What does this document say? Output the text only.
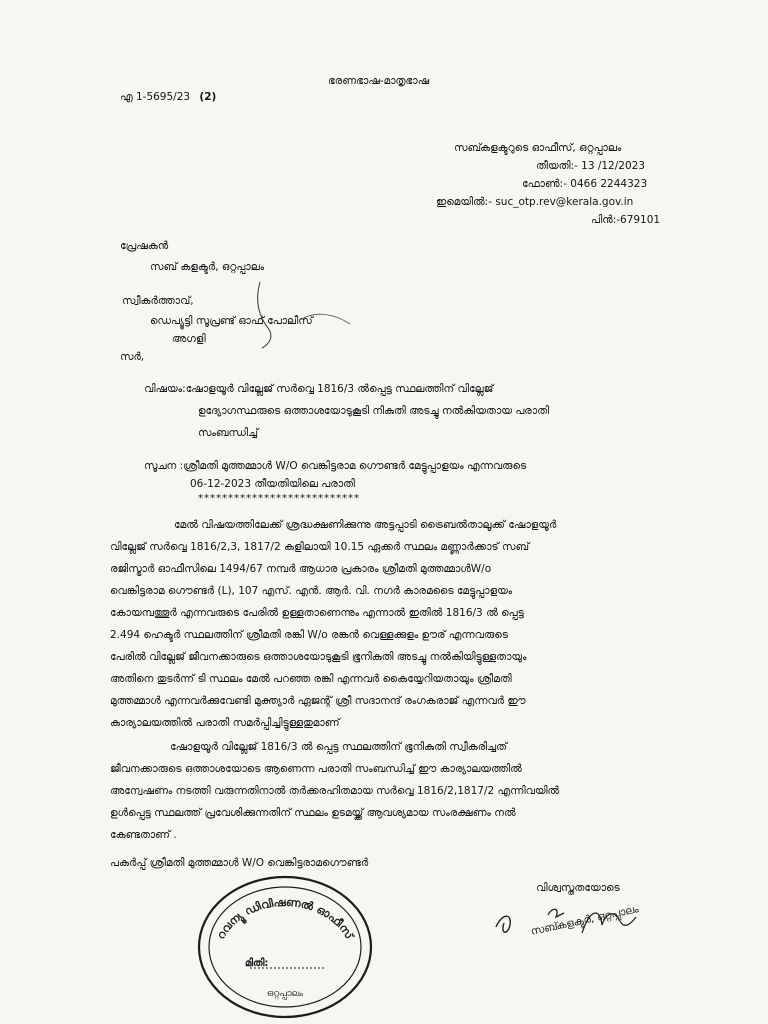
ഭരണഭാഷ-മാതൃഭാഷ
എ 1-5695/23 (2)
സബ്കളക്ടറുടെ ഓഫീസ്, ഒറ്റപ്പാലം
തീയതി:- 13 /12/2023
ഫോൺ:- 0466 2244323
ഇമെയിൽ:- suc_otp.rev@kerala.gov.in
പിൻ:-679101
പ്രേഷകൻ
സബ് കളക്ടർ, ഒറ്റപ്പാലം
സ്വീകർത്താവ്,
ഡെപ്യൂട്ടി സൂപ്രണ്ട് ഓഫ് പോലീസ്
അഗളി
സർ,
വിഷയം:ഷോളയൂർ വില്ലേജ് സർവ്വെ 1816/3 ൽപ്പെട്ട സ്ഥലത്തിന് വില്ലേജ്
ഉദ്യോഗസ്ഥരുടെ ഒത്താശയോടുകൂടി നികുതി അടച്ചു നൽകിയതായ പരാതി
സംബന്ധിച്ച്
സൂചന :ശ്രീമതി മുത്തമ്മാൾ W/O വെങ്കിട്ടരാമ ഗൌണ്ടർ മേട്ടുപ്പാളയം എന്നവരുടെ
06-12-2023 തീയതിയിലെ പരാതി
***************************
മേൽ വിഷയത്തിലേക്ക് ശ്രദ്ധക്ഷണിക്കുന്നു അട്ടപ്പാടി ട്രൈബൽതാലൂക്ക് ഷോളയൂർ
വില്ലേജ് സർവ്വെ 1816/2,3, 1817/2 കളിലായി 10.15 ഏക്കർ സ്ഥലം മണ്ണാർക്കാട് സബ്
രജിസ്ട്രാർ ഓഫീസിലെ 1494/67 നമ്പർ ആധാര പ്രകാരം ശ്രീമതി മുത്തമ്മാൾW/o
വെങ്കിട്ടരാമ ഗൌണ്ടർ (L), 107 എസ്. എൻ. ആർ. വി. നഗർ കാരമടൈ മേട്ടുപ്പാളയം
കോയമ്പത്തൂർ എന്നവരുടെ പേരിൽ ഉള്ളതാണെന്നും എന്നാൽ ഇതിൽ 1816/3 ൽ പ്പെട്ട
2.494 ഹെക്ടർ സ്ഥലത്തിന് ശ്രീമതി രങ്കി W/o രങ്കൻ വെള്ളക്കുളം ഊര് എന്നവരുടെ
പേരിൽ വില്ലേജ് ജീവനക്കാരുടെ ഒത്താശയോടുകൂടി ഭൂനികുതി അടച്ചു നൽകിയിട്ടുള്ളതായും
അതിനെ തുടർന്ന് ടി സ്ഥലം മേൽ പറഞ്ഞ രങ്കി എന്നവർ കൈയ്യേറിയതായും ശ്രീമതി
മുത്തമ്മാൾ എന്നവർക്കുവേണ്ടി മുക്ത്യാർ ഏജന്റ് ശ്രീ സദാനന്ദ് രംഗകരാജ് എന്നവർ ഈ
കാര്യാലയത്തിൽ പരാതി സമർപ്പിച്ചിട്ടുള്ളതുമാണ്
ഷോളയൂർ വില്ലേജ് 1816/3 ൽ പ്പെട്ട സ്ഥലത്തിന് ഭൂനികുതി സ്വീകരിച്ചത്
ജീവനക്കാരുടെ ഒത്താശയോടെ ആണെന്ന പരാതി സംബന്ധിച്ച് ഈ കാര്യാലയത്തിൽ
അന്വേഷണം നടത്തി വരുന്നതിനാൽ തർക്കരഹിതമായ സർവ്വെ 1816/2,1817/2 എന്നിവയിൽ
ഉൾപ്പെട്ട സ്ഥലത്ത് പ്രവേശിക്കുന്നതിന് സ്ഥലം ഉടമയ്ക്ക് ആവശ്യമായ സംരക്ഷണം നൽ
കേണ്ടതാണ് .
പകർപ്പ് ശ്രീമതി മുത്തമ്മാൾ W/O വെങ്കിട്ടരാമഗൌണ്ടർ
വിശ്വസ്തതയോടെ
സബ്കളക്ടർ, ഒറ്റപ്പാലം
റവന്യൂ ഡിവിഷണൽ ഓഫീസ്
മിതി:
ഒറ്റപ്പാലം
